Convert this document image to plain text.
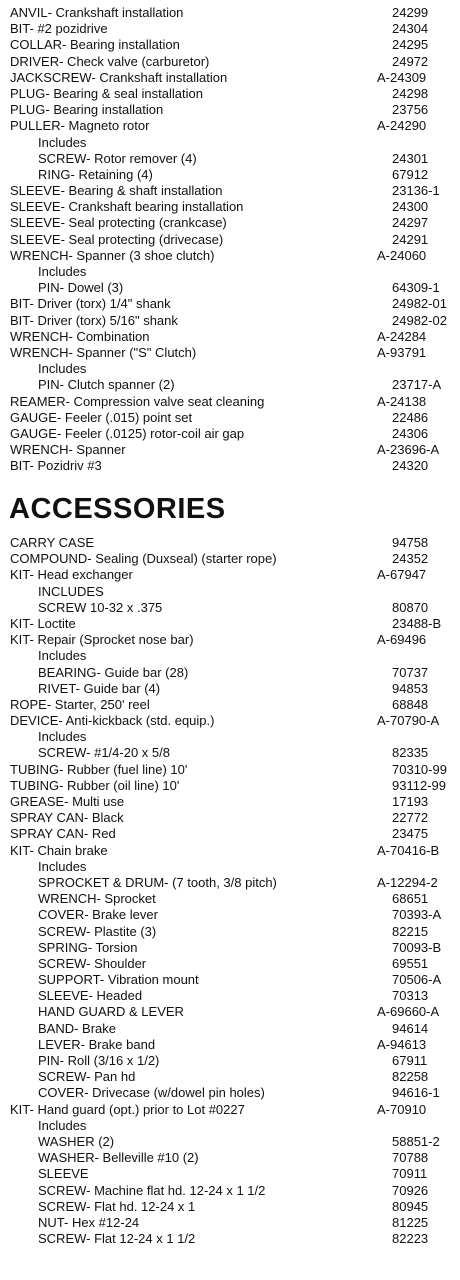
ANVIL- Crankshaft installation	24299
BIT- #2 pozidrive	24304
COLLAR- Bearing installation	24295
DRIVER- Check valve (carburetor)	24972
JACKSCREW- Crankshaft installation	A-24309
PLUG- Bearing & seal installation	24298
PLUG- Bearing installation	23756
PULLER- Magneto rotor	A-24290
Includes
SCREW- Rotor remover (4)	24301
RING- Retaining (4)	67912
SLEEVE- Bearing & shaft installation	23136-1
SLEEVE- Crankshaft bearing installation	24300
SLEEVE- Seal protecting (crankcase)	24297
SLEEVE- Seal protecting (drivecase)	24291
WRENCH- Spanner (3 shoe clutch)	A-24060
Includes
PIN- Dowel (3)	64309-1
BIT- Driver (torx) 1/4" shank	24982-01
BIT- Driver (torx) 5/16" shank	24982-02
WRENCH- Combination	A-24284
WRENCH- Spanner ("S" Clutch)	A-93791
Includes
PIN- Clutch spanner (2)	23717-A
REAMER- Compression valve seat cleaning	A-24138
GAUGE- Feeler (.015) point set	22486
GAUGE- Feeler (.0125) rotor-coil air gap	24306
WRENCH- Spanner	A-23696-A
BIT- Pozidriv #3	24320
ACCESSORIES
CARRY CASE	94758
COMPOUND- Sealing (Duxseal) (starter rope)	24352
KIT- Head exchanger	A-67947
INCLUDES
SCREW 10-32 x .375	80870
KIT- Loctite	23488-B
KIT- Repair (Sprocket nose bar)	A-69496
Includes
BEARING- Guide bar (28)	70737
RIVET- Guide bar (4)	94853
ROPE- Starter, 250' reel	68848
DEVICE- Anti-kickback (std. equip.)	A-70790-A
Includes
SCREW- #1/4-20 x 5/8	82335
TUBING- Rubber (fuel line) 10'	70310-99
TUBING- Rubber (oil line) 10'	93112-99
GREASE- Multi use	17193
SPRAY CAN- Black	22772
SPRAY CAN- Red	23475
KIT- Chain brake	A-70416-B
Includes
SPROCKET & DRUM- (7 tooth, 3/8 pitch)	A-12294-2
WRENCH- Sprocket	68651
COVER- Brake lever	70393-A
SCREW- Plastite (3)	82215
SPRING- Torsion	70093-B
SCREW- Shoulder	69551
SUPPORT- Vibration mount	70506-A
SLEEVE- Headed	70313
HAND GUARD & LEVER	A-69660-A
BAND- Brake	94614
LEVER- Brake band	A-94613
PIN- Roll (3/16 x 1/2)	67911
SCREW- Pan hd	82258
COVER- Drivecase (w/dowel pin holes)	94616-1
KIT- Hand guard (opt.) prior to Lot #0227	A-70910
Includes
WASHER (2)	58851-2
WASHER- Belleville #10 (2)	70788
SLEEVE	70911
SCREW- Machine flat hd. 12-24 x 1 1/2	70926
SCREW- Flat hd. 12-24 x 1	80945
NUT- Hex #12-24	81225
SCREW- Flat 12-24 x 1 1/2	82223
